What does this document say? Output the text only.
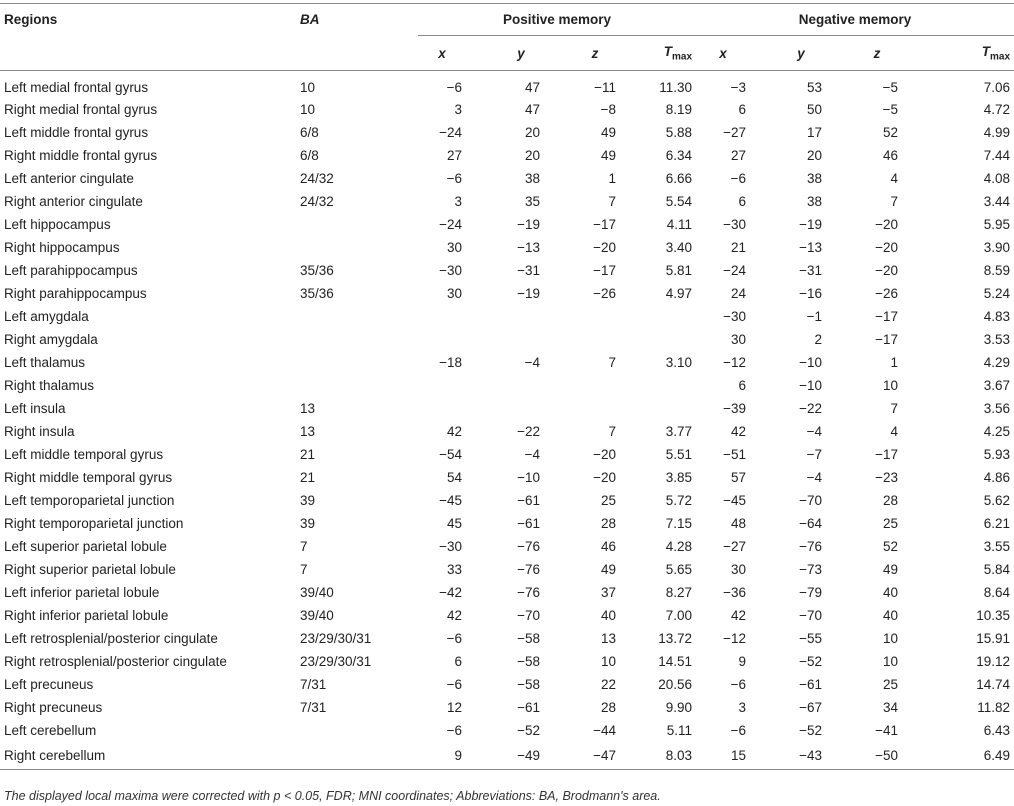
Regions	BA	Positive memory				Negative memory			
		x	y	z	$T_{max}$	x	y	z	$T_{max}$
Left medial frontal gyrus	10	−6	47	−11	11.30	−3	53	−5	7.06
Right medial frontal gyrus	10	3	47	−8	8.19	6	50	−5	4.72
Left middle frontal gyrus	6/8	−24	20	49	5.88	−27	17	52	4.99
Right middle frontal gyrus	6/8	27	20	49	6.34	27	20	46	7.44
Left anterior cingulate	24/32	−6	38	1	6.66	−6	38	4	4.08
Right anterior cingulate	24/32	3	35	7	5.54	6	38	7	3.44
Left hippocampus		−24	−19	−17	4.11	−30	−19	−20	5.95
Right hippocampus		30	−13	−20	3.40	21	−13	−20	3.90
Left parahippocampus	35/36	−30	−31	−17	5.81	−24	−31	−20	8.59
Right parahippocampus	35/36	30	−19	−26	4.97	24	−16	−26	5.24
Left amygdala						−30	−1	−17	4.83
Right amygdala						30	2	−17	3.53
Left thalamus		−18	−4	7	3.10	−12	−10	1	4.29
Right thalamus						6	−10	10	3.67
Left insula	13					−39	−22	7	3.56
Right insula	13	42	−22	7	3.77	42	−4	4	4.25
Left middle temporal gyrus	21	−54	−4	−20	5.51	−51	−7	−17	5.93
Right middle temporal gyrus	21	54	−10	−20	3.85	57	−4	−23	4.86
Left temporoparietal junction	39	−45	−61	25	5.72	−45	−70	28	5.62
Right temporoparietal junction	39	45	−61	28	7.15	48	−64	25	6.21
Left superior parietal lobule	7	−30	−76	46	4.28	−27	−76	52	3.55
Right superior parietal lobule	7	33	−76	49	5.65	30	−73	49	5.84
Left inferior parietal lobule	39/40	−42	−76	37	8.27	−36	−79	40	8.64
Right inferior parietal lobule	39/40	42	−70	40	7.00	42	−70	40	10.35
Left retrosplenial/posterior cingulate	23/29/30/31	−6	−58	13	13.72	−12	−55	10	15.91
Right retrosplenial/posterior cingulate	23/29/30/31	6	−58	10	14.51	9	−52	10	19.12
Left precuneus	7/31	−6	−58	22	20.56	−6	−61	25	14.74
Right precuneus	7/31	12	−61	28	9.90	3	−67	34	11.82
Left cerebellum		−6	−52	−44	5.11	−6	−52	−41	6.43
Right cerebellum		9	−49	−47	8.03	15	−43	−50	6.49
The displayed local maxima were corrected with p < 0.05, FDR; MNI coordinates; Abbreviations: BA, Brodmann's area.
